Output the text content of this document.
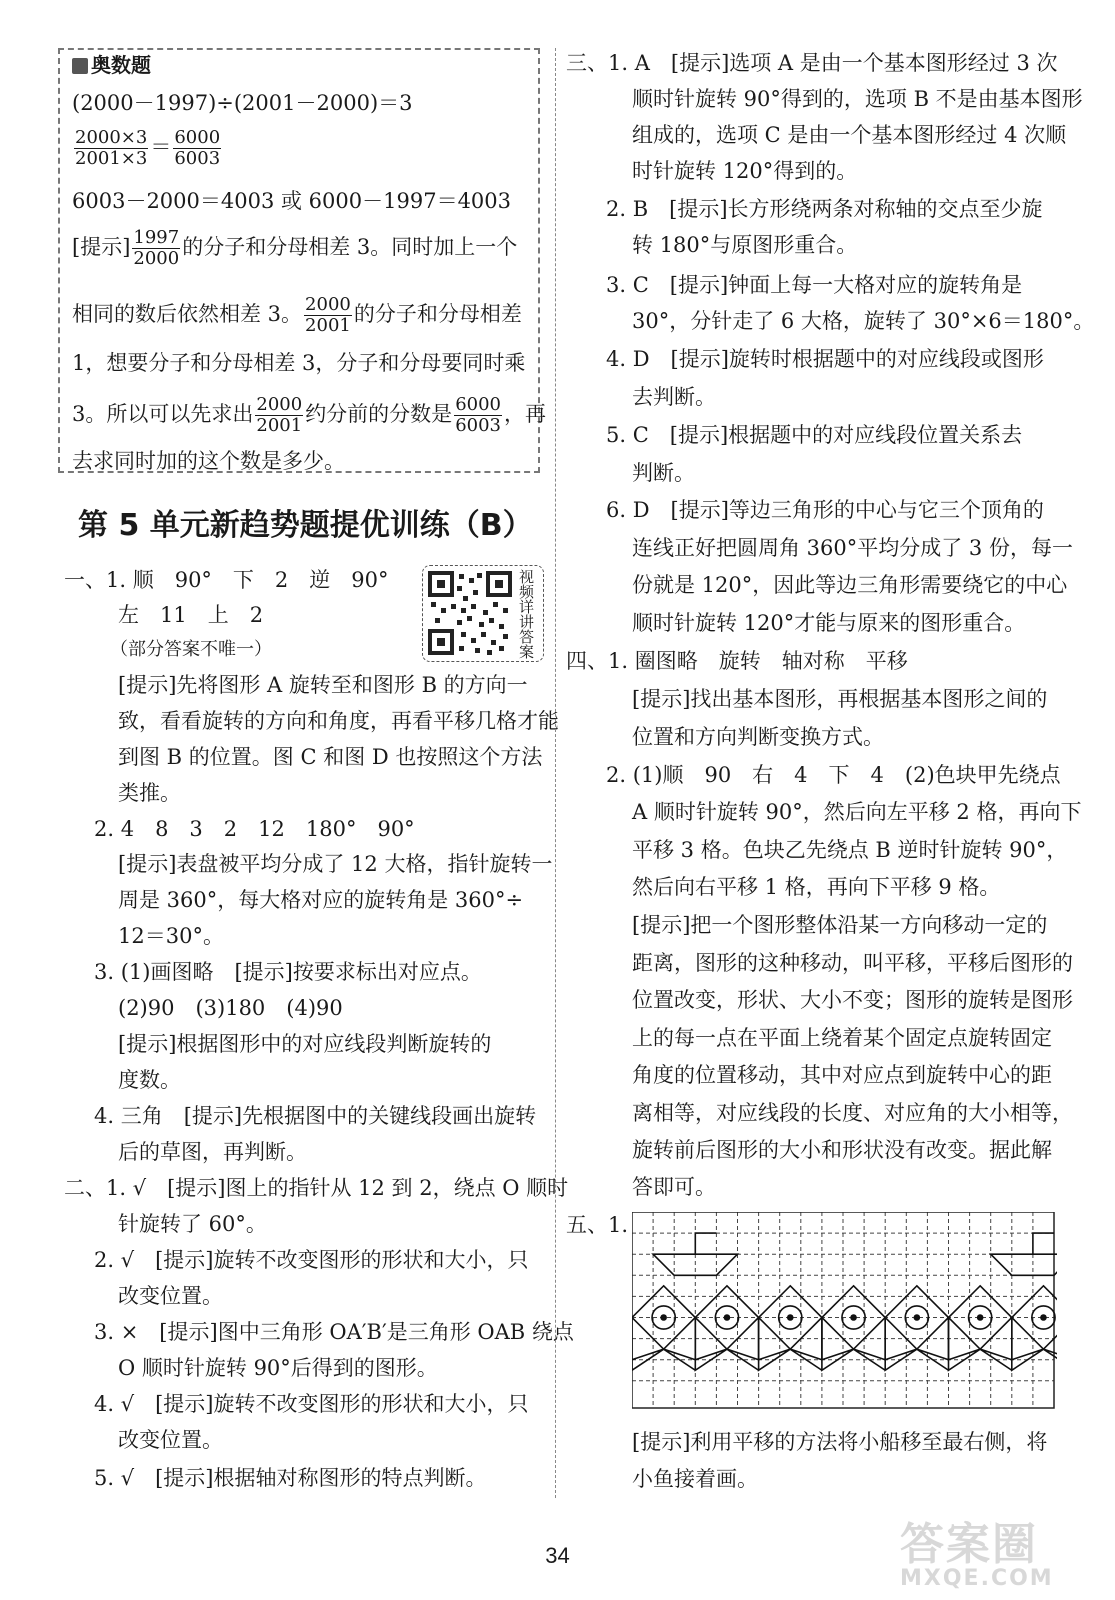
奥数题
(2000－1997)÷(2001－2000)＝3
$\frac{2000\times 3}{2001\times 3} = \frac{6000}{6003}$
6003－2000＝4003 或 6000－1997＝4003
[提示] $\frac{1997}{2000}$ 的分子和分母相差 3。同时加上一个
相同的数后依然相差 3。 $\frac{2000}{2001}$ 的分子和分母相差
1，想要分子和分母相差 3，分子和分母要同时乘
3。所以可以先求出 $\frac{2000}{2001}$ 约分前的分数是 $\frac{6000}{6003}$ ，再
去求同时加的这个数是多少。
第 5 单元新趋势题提优训练（B）
视频详讲答案
一、1. 顺　90°　下　2　逆　90°
左　11　上　2
（部分答案不唯一）
[提示]先将图形 A 旋转至和图形 B 的方向一
致，看看旋转的方向和角度，再看平移几格才能
到图 B 的位置。图 C 和图 D 也按照这个方法
类推。
2. 4　8　3　2　12　180°　90°
[提示]表盘被平均分成了 12 大格，指针旋转一
周是 360°，每大格对应的旋转角是 360°÷
12＝30°。
3. (1)画图略　[提示]按要求标出对应点。
(2)90　(3)180　(4)90
[提示]根据图形中的对应线段判断旋转的
度数。
4. 三角　[提示]先根据图中的关键线段画出旋转
后的草图，再判断。
二、1. √　[提示]图上的指针从 12 到 2，绕点 O 顺时
针旋转了 60°。
2. √　[提示]旋转不改变图形的形状和大小，只
改变位置。
3. ×　[提示]图中三角形 OA′B′是三角形 OAB 绕点
O 顺时针旋转 90°后得到的图形。
4. √　[提示]旋转不改变图形的形状和大小，只
改变位置。
5. √　[提示]根据轴对称图形的特点判断。
三、1. A　[提示]选项 A 是由一个基本图形经过 3 次
顺时针旋转 90°得到的，选项 B 不是由基本图形
组成的，选项 C 是由一个基本图形经过 4 次顺
时针旋转 120°得到的。
2. B　[提示]长方形绕两条对称轴的交点至少旋
转 180°与原图形重合。
3. C　[提示]钟面上每一大格对应的旋转角是
30°，分针走了 6 大格，旋转了 30°×6＝180°。
4. D　[提示]旋转时根据题中的对应线段或图形
去判断。
5. C　[提示]根据题中的对应线段位置关系去
判断。
6. D　[提示]等边三角形的中心与它三个顶角的
连线正好把圆周角 360°平均分成了 3 份，每一
份就是 120°，因此等边三角形需要绕它的中心
顺时针旋转 120°才能与原来的图形重合。
四、1. 圈图略　旋转　轴对称　平移
[提示]找出基本图形，再根据基本图形之间的
位置和方向判断变换方式。
2. (1)顺　90　右　4　下　4　(2)色块甲先绕点
A 顺时针旋转 90°，然后向左平移 2 格，再向下
平移 3 格。色块乙先绕点 B 逆时针旋转 90°，
然后向右平移 1 格，再向下平移 9 格。
[提示]把一个图形整体沿某一方向移动一定的
距离，图形的这种移动，叫平移，平移后图形的
位置改变，形状、大小不变；图形的旋转是图形
上的每一点在平面上绕着某个固定点旋转固定
角度的位置移动，其中对应点到旋转中心的距
离相等，对应线段的长度、对应角的大小相等，
旋转前后图形的大小和形状没有改变。据此解
答即可。
五、1.
[提示]利用平移的方法将小船移至最右侧，将
小鱼接着画。
34	答案圈
MXQE.COM
